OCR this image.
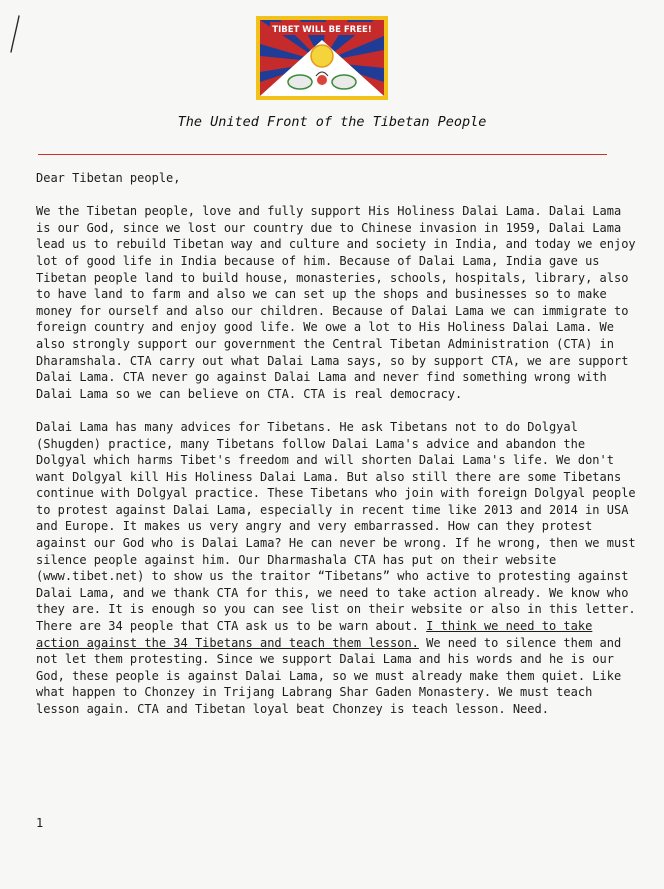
TIBET WILL BE FREE!
The United Front of the Tibetan People

Dear Tibetan people,

We the Tibetan people, love and fully support His Holiness Dalai Lama. Dalai Lama is our God, since we lost our country due to Chinese invasion in 1959, Dalai Lama lead us to rebuild Tibetan way and culture and society in India, and today we enjoy lot of good life in India because of him. Because of Dalai Lama, India gave us Tibetan people land to build house, monasteries, schools, hospitals, library, also to have land to farm and also we can set up the shops and businesses so to make money for ourself and also our children. Because of Dalai Lama we can immigrate to foreign country and enjoy good life. We owe a lot to His Holiness Dalai Lama. We also strongly support our government the Central Tibetan Administration (CTA) in Dharamshala. CTA carry out what Dalai Lama says, so by support CTA, we are support Dalai Lama. CTA never go against Dalai Lama and never find something wrong with Dalai Lama so we can believe on CTA. CTA is real democracy.

Dalai Lama has many advices for Tibetans. He ask Tibetans not to do Dolgyal (Shugden) practice, many Tibetans follow Dalai Lama's advice and abandon the Dolgyal which harms Tibet's freedom and will shorten Dalai Lama's life. We don't want Dolgyal kill His Holiness Dalai Lama. But also still there are some Tibetans continue with Dolgyal practice. These Tibetans who join with foreign Dolgyal people to protest against Dalai Lama, especially in recent time like 2013 and 2014 in USA and Europe. It makes us very angry and very embarrassed. How can they protest against our God who is Dalai Lama? He can never be wrong. If he wrong, then we must silence people against him. Our Dharmashala CTA has put on their website (www.tibet.net) to show us the traitor “Tibetans” who active to protesting against Dalai Lama, and we thank CTA for this, we need to take action already. We know who they are. It is enough so you can see list on their website or also in this letter. There are 34 people that CTA ask us to be warn about. I think we need to take action against the 34 Tibetans and teach them lesson. We need to silence them and not let them protesting. Since we support Dalai Lama and his words and he is our God, these people is against Dalai Lama, so we must already make them quiet. Like what happen to Chonzey in Trijang Labrang Shar Gaden Monastery. We must teach lesson again. CTA and Tibetan loyal beat Chonzey is teach lesson. Need.

1
